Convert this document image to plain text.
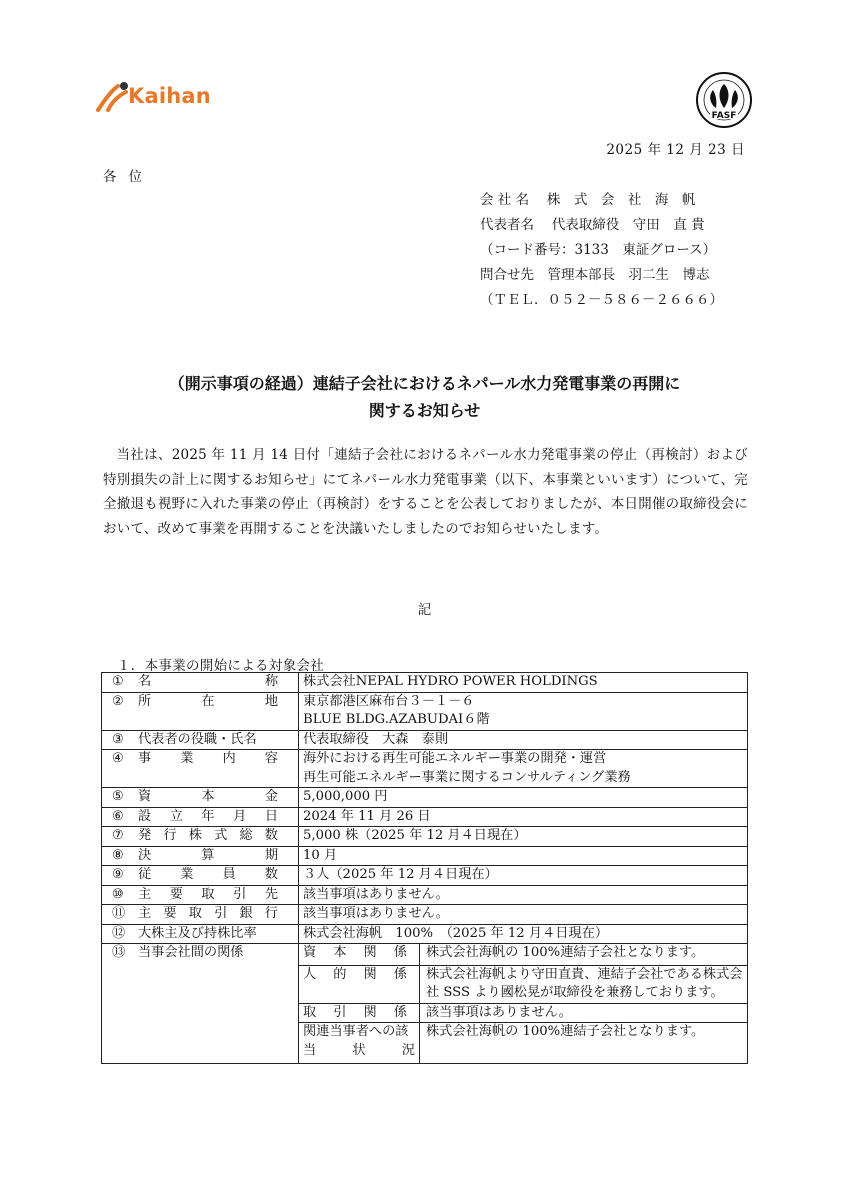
Kaihan
FASF
2025 年 12 月 23 日
各位
会 社 名　 株　式　会　社　海　帆
代表者名　 代表取締役　守田　直 貴
（コード番号：3133　東証グロース）
問合せ先　管理本部長　羽二生　博志
（ＴＥＬ．０５２－５８６－２６６６）
（開示事項の経過）連結子会社におけるネパール水力発電事業の再開に
関するお知らせ
当社は、2025 年 11 月 14 日付「連結子会社におけるネパール水力発電事業の停止（再検討）および特別損失の計上に関するお知らせ」にてネパール水力発電事業（以下、本事業といいます）について、完全撤退も視野に入れた事業の停止（再検討）をすることを公表しておりましたが、本日開催の取締役会において、改めて事業を再開することを決議いたしましたのでお知らせいたします。
記
１．本事業の開始による対象会社
① 名	称	株式会社NEPAL HYDRO POWER HOLDINGS
② 所	在	地	東京都港区麻布台３－１－６
BLUE BLDG.AZABUDAI６階

③ 代表者の役職・氏名	代表取締役　大森　泰則
④ 事 業 内 容	海外における再生可能エネルギー事業の開発・運営
再生可能エネルギー事業に関するコンサルティング業務

⑤ 資	本	金	5,000,000 円
⑥ 設 立 年 月 日	2024 年 11 月 26 日
⑦ 発 行 株 式 総 数	5,000 株（2025 年 12 月４日現在）
⑧ 決	算	期	10 月
⑨ 従 業 員 数	３人（2025 年 12 月４日現在）
⑩ 主 要 取 引 先	該当事項はありません。
⑪ 主 要 取 引 銀 行	該当事項はありません。
⑫ 大株主及び持株比率	株式会社海帆　100%　（2025 年 12 月４日現在）
⑬ 当事会社間の関係		資 本 関 係	株式会社海帆の 100%連結子会社となります。

人 的 関 係	株式会社海帆より守田直貴、連結子会社である株式会社 SSS より國松晃が取締役を兼務しております。

取 引 関 係	該当事項はありません。
関連当事者への該当状況	株式会社海帆の 100%連結子会社となります。
